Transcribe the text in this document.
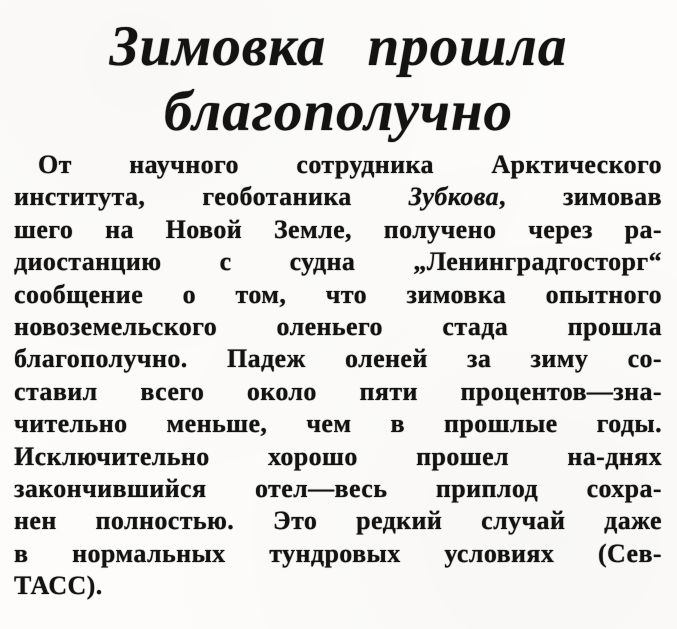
Зимовка прошла
благополучно
От научного сотрудника Арктического
института, геоботаника Зубкова, зимовав
шего на Новой Земле, получено через ра-
диостанцию с судна „Ленинградгосторг“
сообщение о том, что зимовка опытного
новоземельского оленьего стада прошла
благополучно. Падеж оленей за зиму со-
ставил всего около пяти процентов—зна-
чительно меньше, чем в прошлые годы.
Исключительно хорошо прошел на-днях
закончившийся отел—весь приплод сохра-
нен полностью. Это редкий случай даже
в нормальных тундровых условиях (Сев-
ТАСС).
